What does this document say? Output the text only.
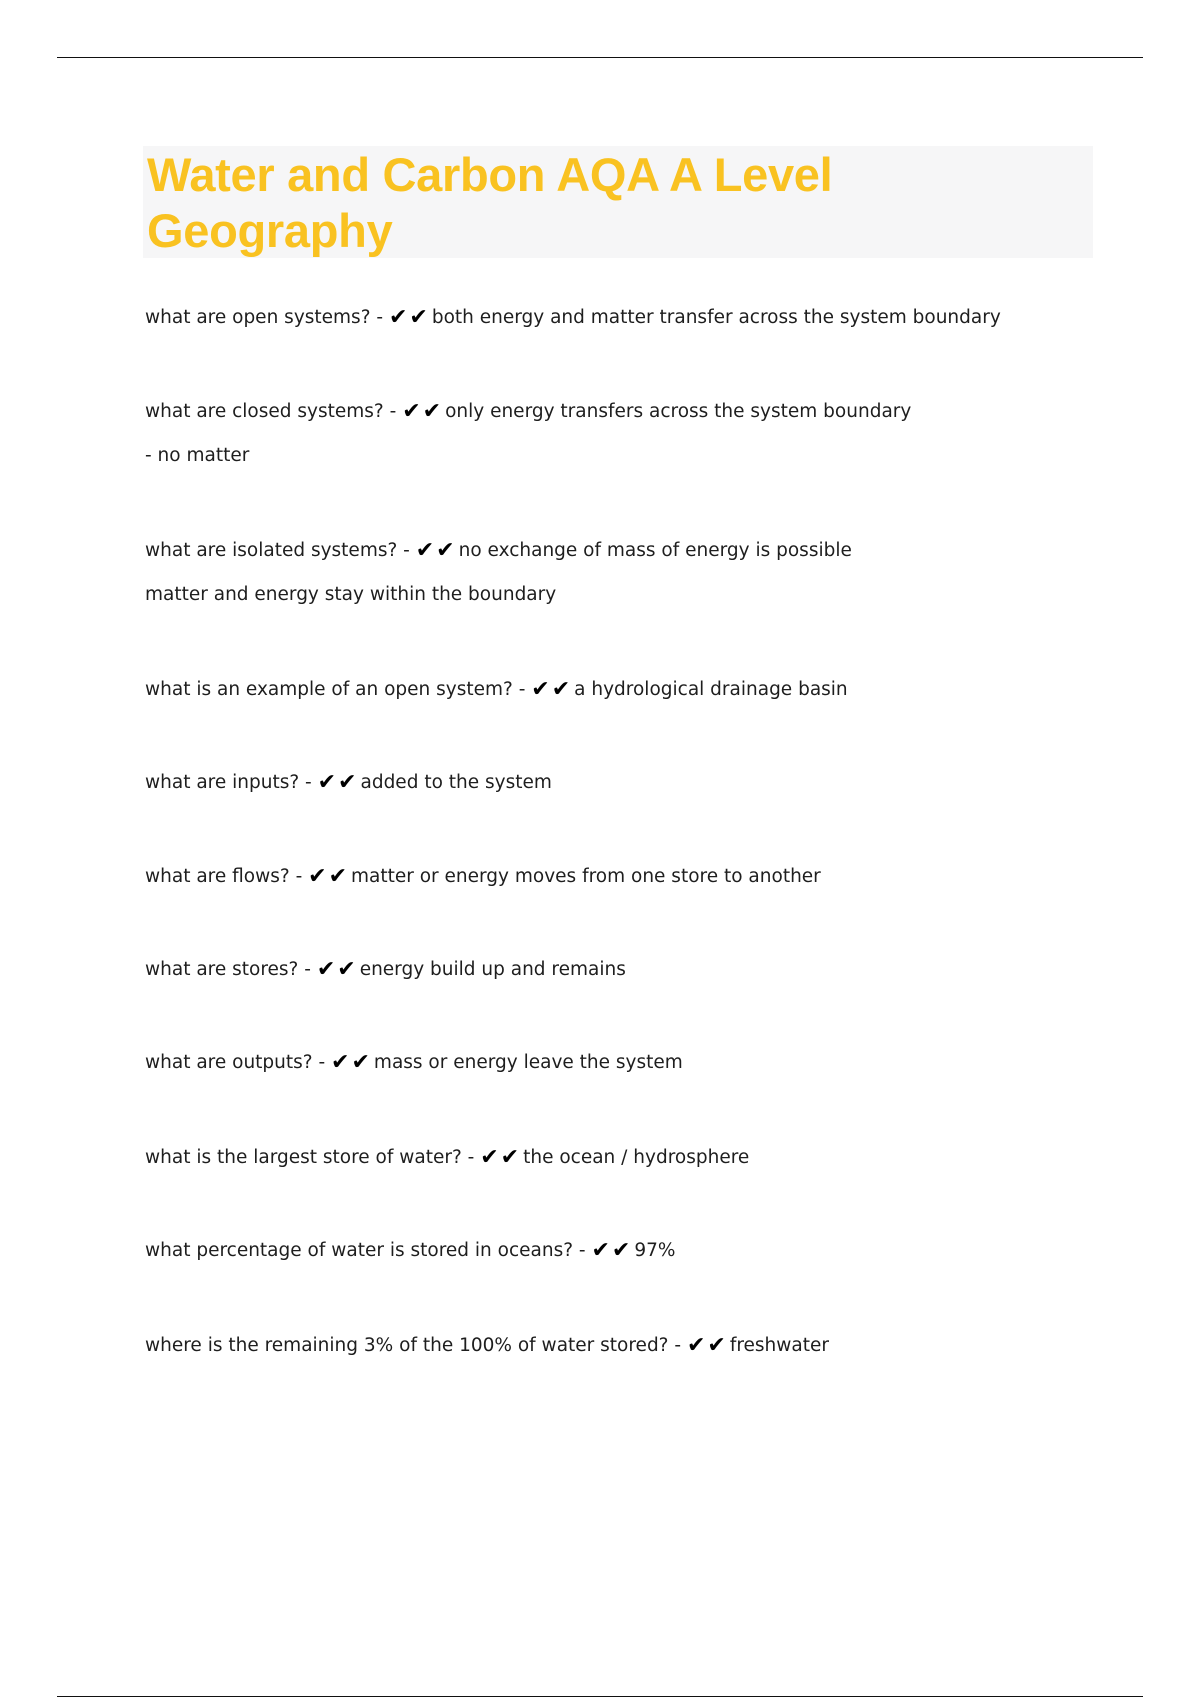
Water and Carbon AQA A Level Geography
what are open systems? - ✔✔ both energy and matter transfer across the system boundary
what are closed systems? - ✔✔ only energy transfers across the system boundary
- no matter
what are isolated systems? - ✔✔ no exchange of mass of energy is possible
matter and energy stay within the boundary
what is an example of an open system? - ✔✔ a hydrological drainage basin
what are inputs? - ✔✔ added to the system
what are flows? - ✔✔ matter or energy moves from one store to another
what are stores? - ✔✔ energy build up and remains
what are outputs? - ✔✔ mass or energy leave the system
what is the largest store of water? - ✔✔ the ocean / hydrosphere
what percentage of water is stored in oceans? - ✔✔ 97%
where is the remaining 3% of the 100% of water stored? - ✔✔ freshwater
